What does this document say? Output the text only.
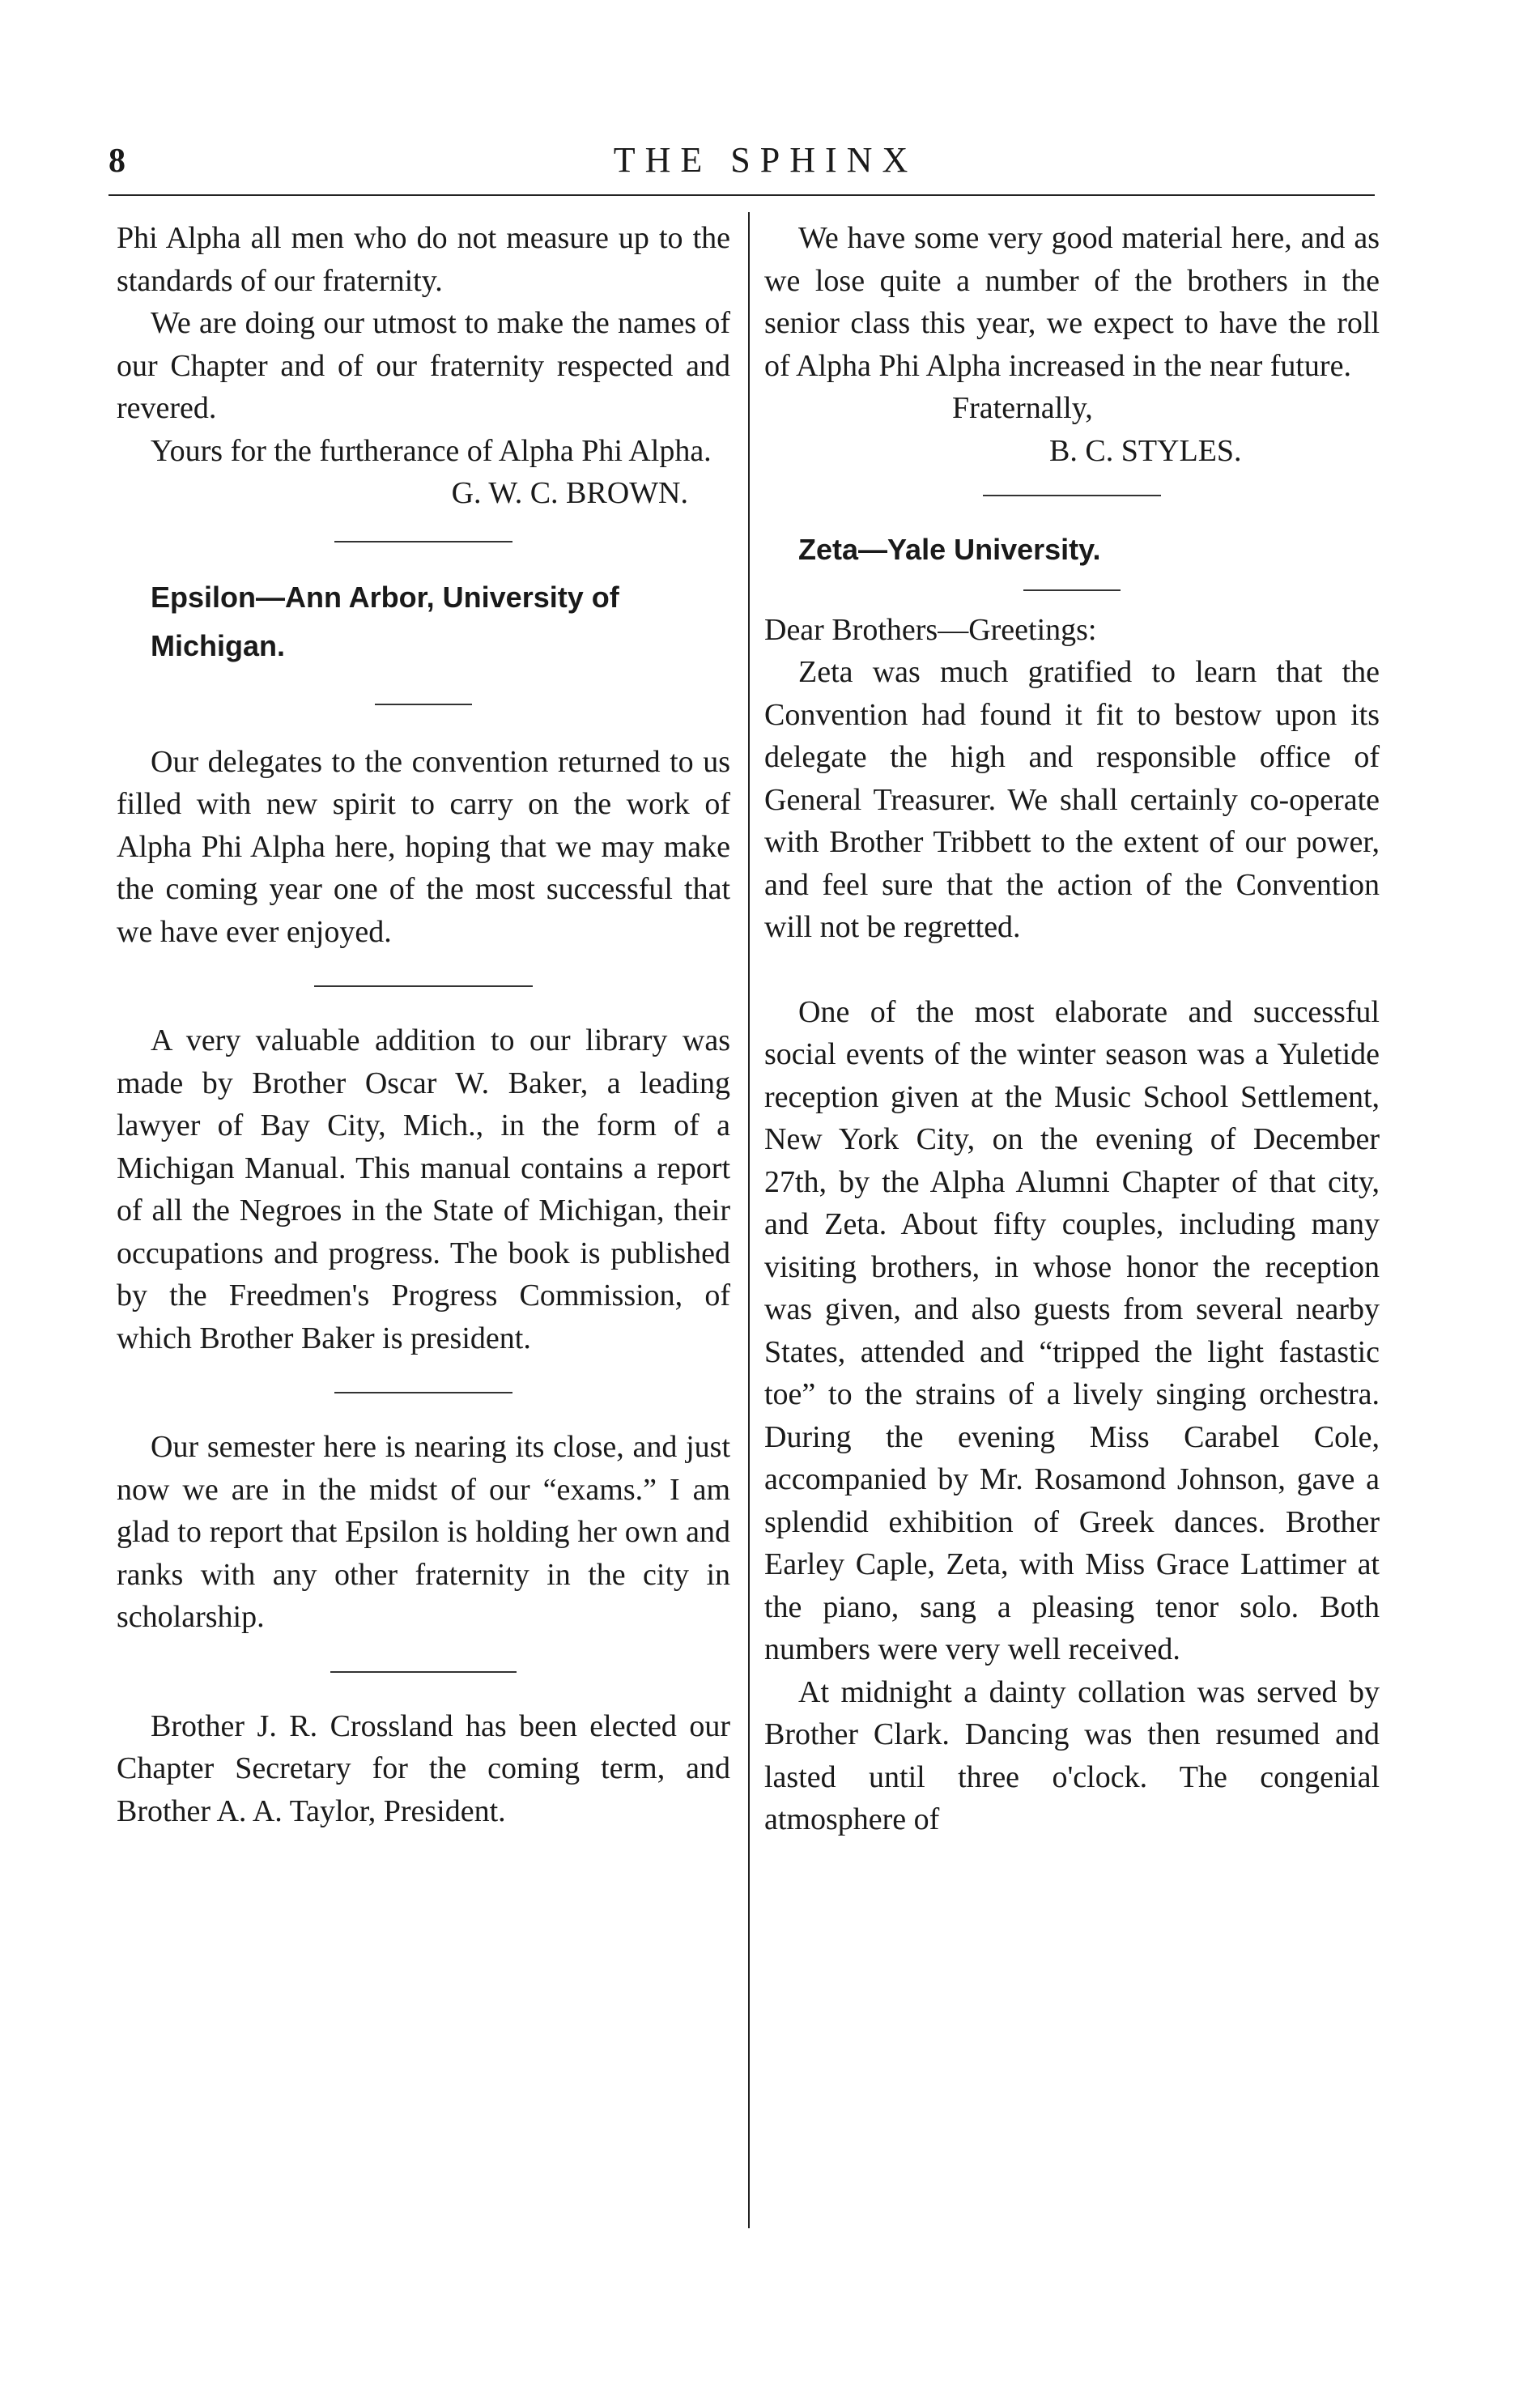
8	THE SPHINX

Phi Alpha all men who do not measure up to the standards of our fraternity.

We are doing our utmost to make the names of our Chapter and of our fraternity respected and revered.

Yours for the furtherance of Alpha Phi Alpha.

G. W. C. BROWN.

Epsilon—Ann Arbor, University of

Michigan.

Our delegates to the convention returned to us filled with new spirit to carry on the work of Alpha Phi Alpha here, hoping that we may make the coming year one of the most successful that we have ever enjoyed.

A very valuable addition to our library was made by Brother Oscar W. Baker, a leading lawyer of Bay City, Mich., in the form of a Michigan Manual. This manual contains a report of all the Negroes in the State of Michigan, their occupations and progress. The book is published by the Freedmen's Progress Commission, of which Brother Baker is president.

Our semester here is nearing its close, and just now we are in the midst of our “exams.” I am glad to report that Epsilon is holding her own and ranks with any other fraternity in the city in scholarship.

Brother J. R. Crossland has been elected our Chapter Secretary for the coming term, and Brother A. A. Taylor, President.

We have some very good material here, and as we lose quite a number of the brothers in the senior class this year, we expect to have the roll of Alpha Phi Alpha increased in the near future.

Fraternally,

B. C. STYLES.

Zeta—Yale University.

Dear Brothers—Greetings:

Zeta was much gratified to learn that the Convention had found it fit to bestow upon its delegate the high and responsible office of General Treasurer. We shall certainly co-operate with Brother Tribbett to the extent of our power, and feel sure that the action of the Convention will not be regretted.

One of the most elaborate and successful social events of the winter season was a Yuletide reception given at the Music School Settlement, New York City, on the evening of December 27th, by the Alpha Alumni Chapter of that city, and Zeta. About fifty couples, including many visiting brothers, in whose honor the reception was given, and also guests from several nearby States, attended and “tripped the light fastastic toe” to the strains of a lively singing orchestra. During the evening Miss Carabel Cole, accompanied by Mr. Rosamond Johnson, gave a splendid exhibition of Greek dances. Brother Earley Caple, Zeta, with Miss Grace Lattimer at the piano, sang a pleasing tenor solo. Both numbers were very well received.

At midnight a dainty collation was served by Brother Clark. Dancing was then resumed and lasted until three o'clock. The congenial atmosphere of
